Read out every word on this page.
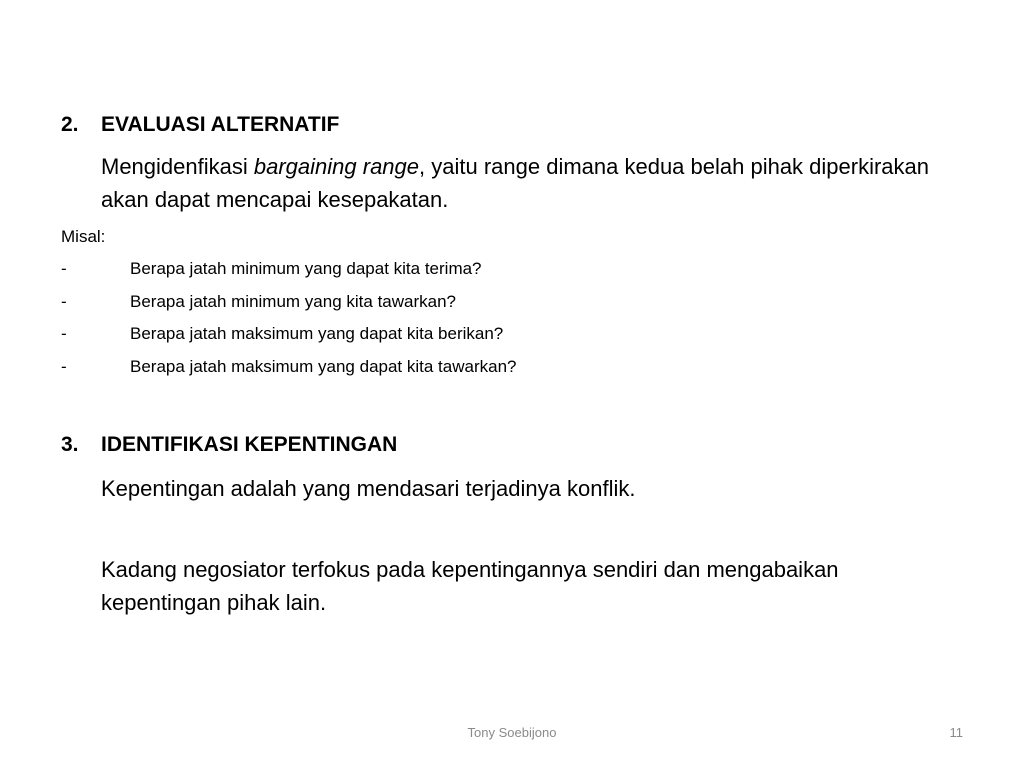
2. EVALUASI ALTERNATIF
Mengidenfikasi bargaining range, yaitu range dimana kedua belah pihak diperkirakan akan dapat mencapai kesepakatan.
Misal:
-	Berapa jatah minimum yang dapat kita terima?
-	Berapa jatah minimum yang kita tawarkan?
-	Berapa jatah maksimum yang dapat kita berikan?
-	Berapa jatah maksimum yang dapat kita tawarkan?
3. IDENTIFIKASI KEPENTINGAN
Kepentingan adalah yang mendasari terjadinya konflik.
Kadang negosiator terfokus pada kepentingannya sendiri dan mengabaikan kepentingan pihak lain.
Tony Soebijono	11
